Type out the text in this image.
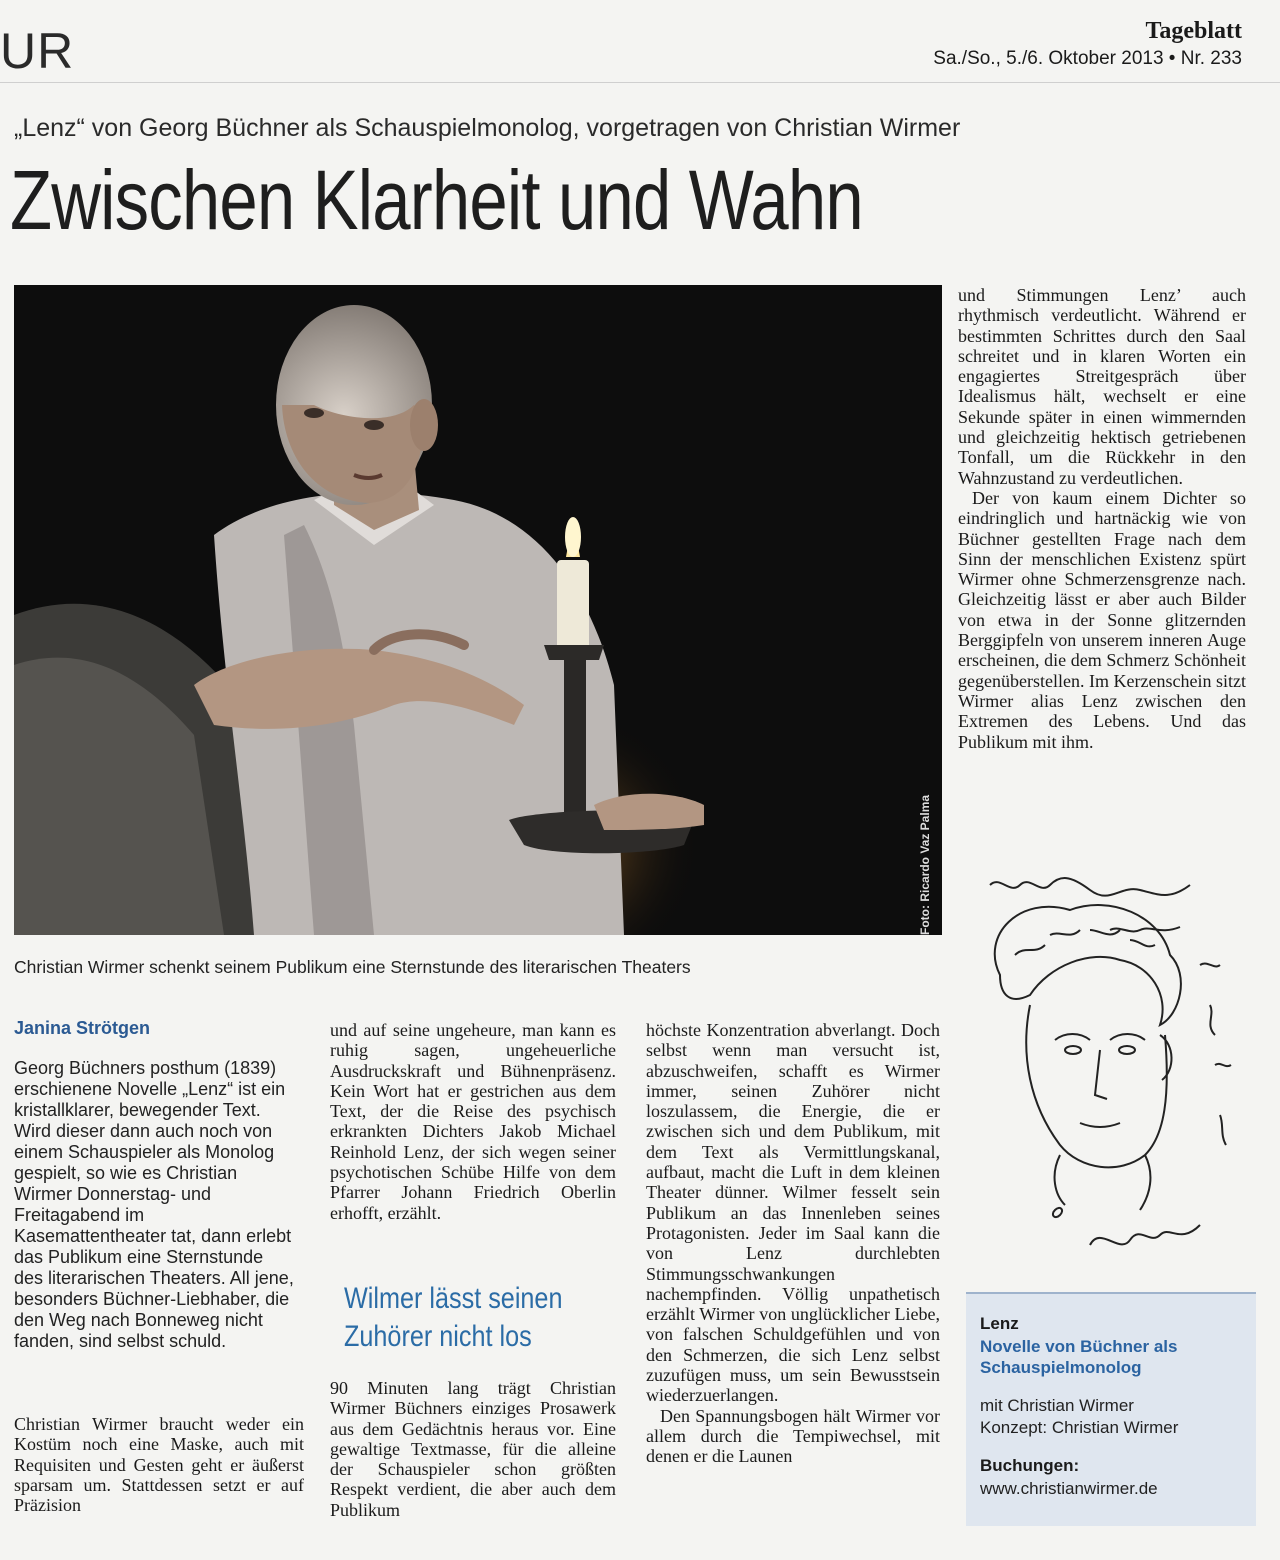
UR	Tageblatt
Sa./So., 5./6. Oktober 2013 • Nr. 233
„Lenz“ von Georg Büchner als Schauspielmonolog, vorgetragen von Christian Wirmer
Zwischen Klarheit und Wahn
Foto: Ricardo Vaz Palma
Christian Wirmer schenkt seinem Publikum eine Sternstunde des literarischen Theaters
Janina Strötgen

Georg Büchners posthum (1839) erschienene Novelle „Lenz“ ist ein kristallklarer, bewegender Text. Wird dieser dann auch noch von einem Schauspieler als Monolog gespielt, so wie es Christian Wirmer Donnerstag- und Freitagabend im Kasemattentheater tat, dann erlebt das Publikum eine Sternstunde des literarischen Theaters. All jene, besonders Büchner-Liebhaber, die den Weg nach Bonneweg nicht fanden, sind selbst schuld.

Christian Wirmer braucht weder ein Kostüm noch eine Maske, auch mit Requisiten und Gesten geht er äußerst sparsam um. Stattdessen setzt er auf Präzision

und auf seine ungeheure, man kann es ruhig sagen, ungeheuerliche Ausdruckskraft und Bühnenpräsenz. Kein Wort hat er gestrichen aus dem Text, der die Reise des psychisch erkrankten Dichters Jakob Michael Reinhold Lenz, der sich wegen seiner psychotischen Schübe Hilfe von dem Pfarrer Johann Friedrich Oberlin erhofft, erzählt.

Wilmer lässt seinen Zuhörer nicht los

90 Minuten lang trägt Christian Wirmer Büchners einziges Prosawerk aus dem Gedächtnis heraus vor. Eine gewaltige Textmasse, für die alleine der Schauspieler schon größten Respekt verdient, die aber auch dem Publikum

höchste Konzentration abverlangt. Doch selbst wenn man versucht ist, abzuschweifen, schafft es Wirmer immer, seinen Zuhörer nicht loszulassem, die Energie, die er zwischen sich und dem Publikum, mit dem Text als Vermittlungskanal, aufbaut, macht die Luft in dem kleinen Theater dünner. Wilmer fesselt sein Publikum an das Innenleben seines Protagonisten. Jeder im Saal kann die von Lenz durchlebten Stimmungsschwankungen nachempfinden. Völlig unpathetisch erzählt Wirmer von unglücklicher Liebe, von falschen Schuldgefühlen und von den Schmerzen, die sich Lenz selbst zuzufügen muss, um sein Bewusstsein wiederzuerlangen.

Den Spannungsbogen hält Wirmer vor allem durch die Tempiwechsel, mit denen er die Launen

und Stimmungen Lenz’ auch rhythmisch verdeutlicht. Während er bestimmten Schrittes durch den Saal schreitet und in klaren Worten ein engagiertes Streitgespräch über Idealismus hält, wechselt er eine Sekunde später in einen wimmernden und gleichzeitig hektisch getriebenen Tonfall, um die Rückkehr in den Wahnzustand zu verdeutlichen.

Der von kaum einem Dichter so eindringlich und hartnäckig wie von Büchner gestellten Frage nach dem Sinn der menschlichen Existenz spürt Wirmer ohne Schmerzensgrenze nach. Gleichzeitig lässt er aber auch Bilder von etwa in der Sonne glitzernden Berggipfeln von unserem inneren Auge erscheinen, die dem Schmerz Schönheit gegenüberstellen. Im Kerzenschein sitzt Wirmer alias Lenz zwischen den Extremen des Lebens. Und das Publikum mit ihm.

Lenz
Novelle von Büchner als Schauspielmonolog
mit Christian Wirmer
Konzept: Christian Wirmer
Buchungen:
www.christianwirmer.de
